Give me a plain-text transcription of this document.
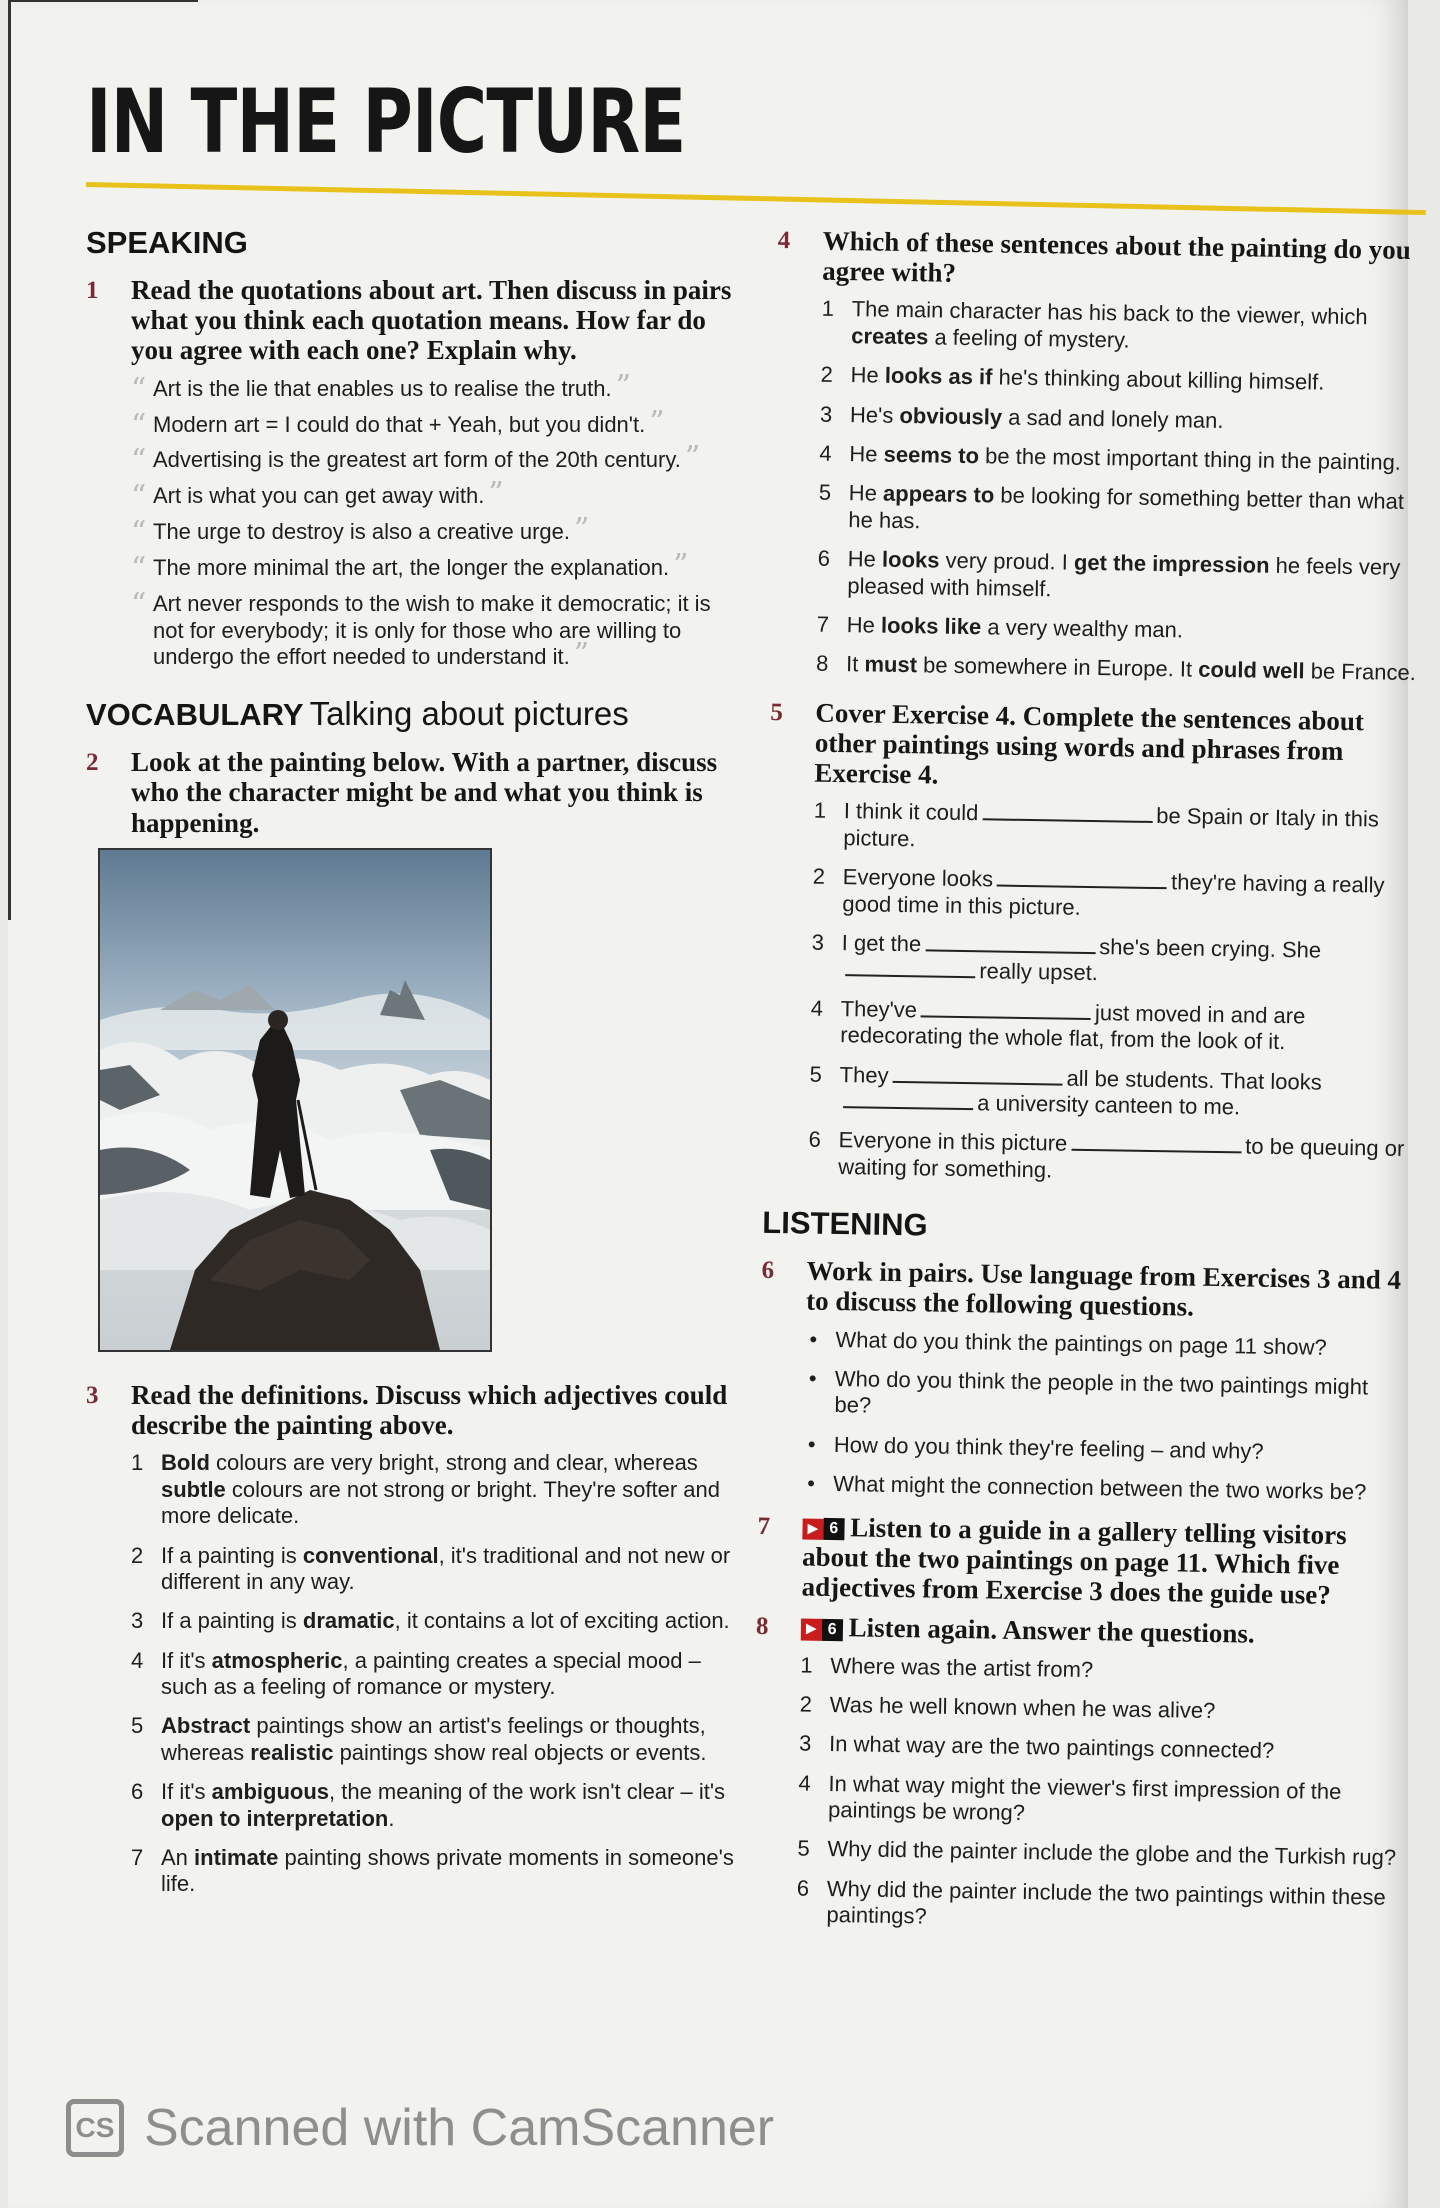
IN THE PICTURE
SPEAKING
1 Read the quotations about art. Then discuss in pairs what you think each quotation means. How far do you agree with each one? Explain why.

“ Art is the lie that enables us to realise the truth. ”
“ Modern art = I could do that + Yeah, but you didn't. ”
“ Advertising is the greatest art form of the 20th century. ”
“ Art is what you can get away with. ”
“ The urge to destroy is also a creative urge. ”
“ The more minimal the art, the longer the explanation. ”
“ Art never responds to the wish to make it democratic; it is not for everybody; it is only for those who are willing to undergo the effort needed to understand it. ”
VOCABULARY Talking about pictures
2 Look at the painting below. With a partner, discuss who the character might be and what you think is happening.

3 Read the definitions. Discuss which adjectives could describe the painting above.

1 Bold colours are very bright, strong and clear, whereas subtle colours are not strong or bright. They're softer and more delicate.
2 If a painting is conventional, it's traditional and not new or different in any way.
3 If a painting is dramatic, it contains a lot of exciting action.
4 If it's atmospheric, a painting creates a special mood – such as a feeling of romance or mystery.
5 Abstract paintings show an artist's feelings or thoughts, whereas realistic paintings show real objects or events.
6 If it's ambiguous, the meaning of the work isn't clear – it's open to interpretation.
7 An intimate painting shows private moments in someone's life.
4 Which of these sentences about the painting do you agree with?

1 The main character has his back to the viewer, which creates a feeling of mystery.
2 He looks as if he's thinking about killing himself.
3 He's obviously a sad and lonely man.
4 He seems to be the most important thing in the painting.
5 He appears to be looking for something better than what he has.
6 He looks very proud. I get the impression he feels very pleased with himself.
7 He looks like a very wealthy man.
8 It must be somewhere in Europe. It could well be France.
5 Cover Exercise 4. Complete the sentences about other paintings using words and phrases from Exercise 4.

1 I think it could	be Spain or Italy in this picture.
2 Everyone looks	they're having a really good time in this picture.
3 I get the	she's been crying. She
really upset.
4 They've	just moved in and are redecorating the whole flat, from the look of it.
5 They	all be students. That looks
a university canteen to me.
6 Everyone in this picture	to be queuing or waiting for something.
LISTENING
6 Work in pairs. Use language from Exercises 3 and 4 to discuss the following questions.

• What do you think the paintings on page 11 show?
• Who do you think the people in the two paintings might be?
• How do you think they're feeling – and why?
• What might the connection between the two works be?
7	▶ 6 Listen to a guide in a gallery telling visitors about the two paintings on page 11. Which five adjectives from Exercise 3 does the guide use?

8	▶ 6 Listen again. Answer the questions.

1 Where was the artist from?
2 Was he well known when he was alive?
3 In what way are the two paintings connected?
4 In what way might the viewer's first impression of the paintings be wrong?
5 Why did the painter include the globe and the Turkish rug?
6 Why did the painter include the two paintings within these paintings?
CS Scanned with CamScanner
